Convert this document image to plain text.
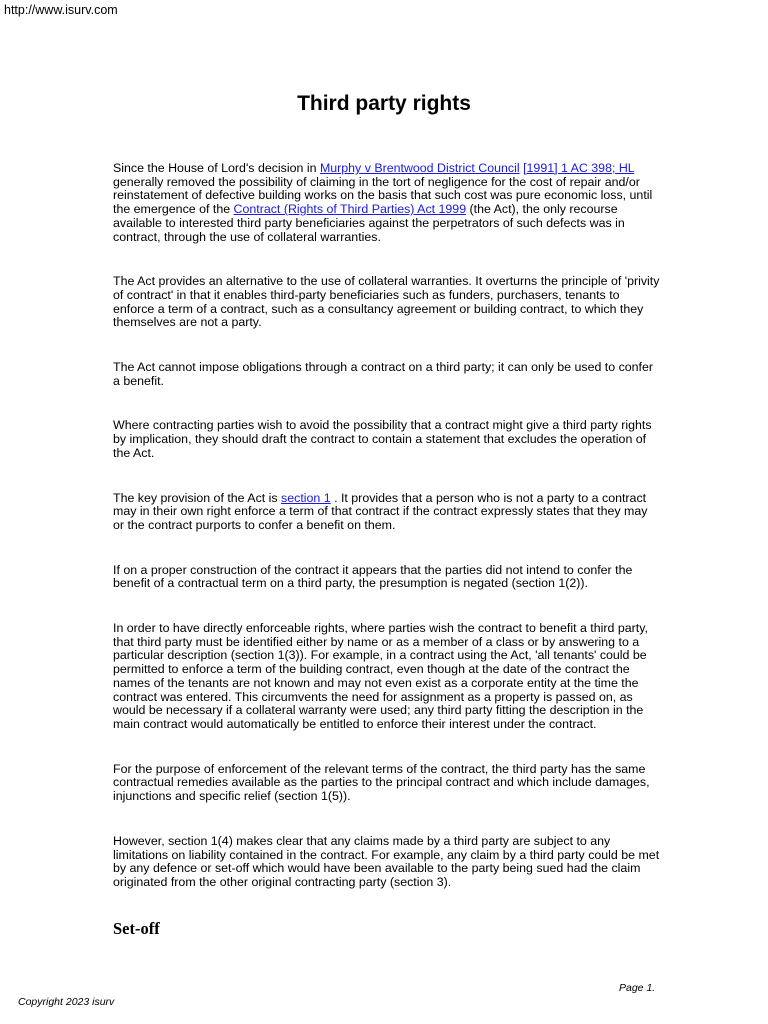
http://www.isurv.com
Third party rights

Since the House of Lord's decision in Murphy v Brentwood District Council [1991] 1 AC 398; HL generally removed the possibility of claiming in the tort of negligence for the cost of repair and/or reinstatement of defective building works on the basis that such cost was pure economic loss, until the emergence of the Contract (Rights of Third Parties) Act 1999 (the Act), the only recourse available to interested third party beneficiaries against the perpetrators of such defects was in contract, through the use of collateral warranties.

The Act provides an alternative to the use of collateral warranties. It overturns the principle of 'privity of contract' in that it enables third-party beneficiaries such as funders, purchasers, tenants to enforce a term of a contract, such as a consultancy agreement or building contract, to which they themselves are not a party.

The Act cannot impose obligations through a contract on a third party; it can only be used to confer a benefit.

Where contracting parties wish to avoid the possibility that a contract might give a third party rights by implication, they should draft the contract to contain a statement that excludes the operation of the Act.

The key provision of the Act is section 1 . It provides that a person who is not a party to a contract may in their own right enforce a term of that contract if the contract expressly states that they may or the contract purports to confer a benefit on them.

If on a proper construction of the contract it appears that the parties did not intend to confer the benefit of a contractual term on a third party, the presumption is negated (section 1(2)).

In order to have directly enforceable rights, where parties wish the contract to benefit a third party, that third party must be identified either by name or as a member of a class or by answering to a particular description (section 1(3)). For example, in a contract using the Act, 'all tenants' could be permitted to enforce a term of the building contract, even though at the date of the contract the names of the tenants are not known and may not even exist as a corporate entity at the time the contract was entered. This circumvents the need for assignment as a property is passed on, as would be necessary if a collateral warranty were used; any third party fitting the description in the main contract would automatically be entitled to enforce their interest under the contract.

For the purpose of enforcement of the relevant terms of the contract, the third party has the same contractual remedies available as the parties to the principal contract and which include damages, injunctions and specific relief (section 1(5)).

However, section 1(4) makes clear that any claims made by a third party are subject to any limitations on liability contained in the contract. For example, any claim by a third party could be met by any defence or set-off which would have been available to the party being sued had the claim originated from the other original contracting party (section 3).

Set-off
Page 1.
Copyright 2023 isurv
